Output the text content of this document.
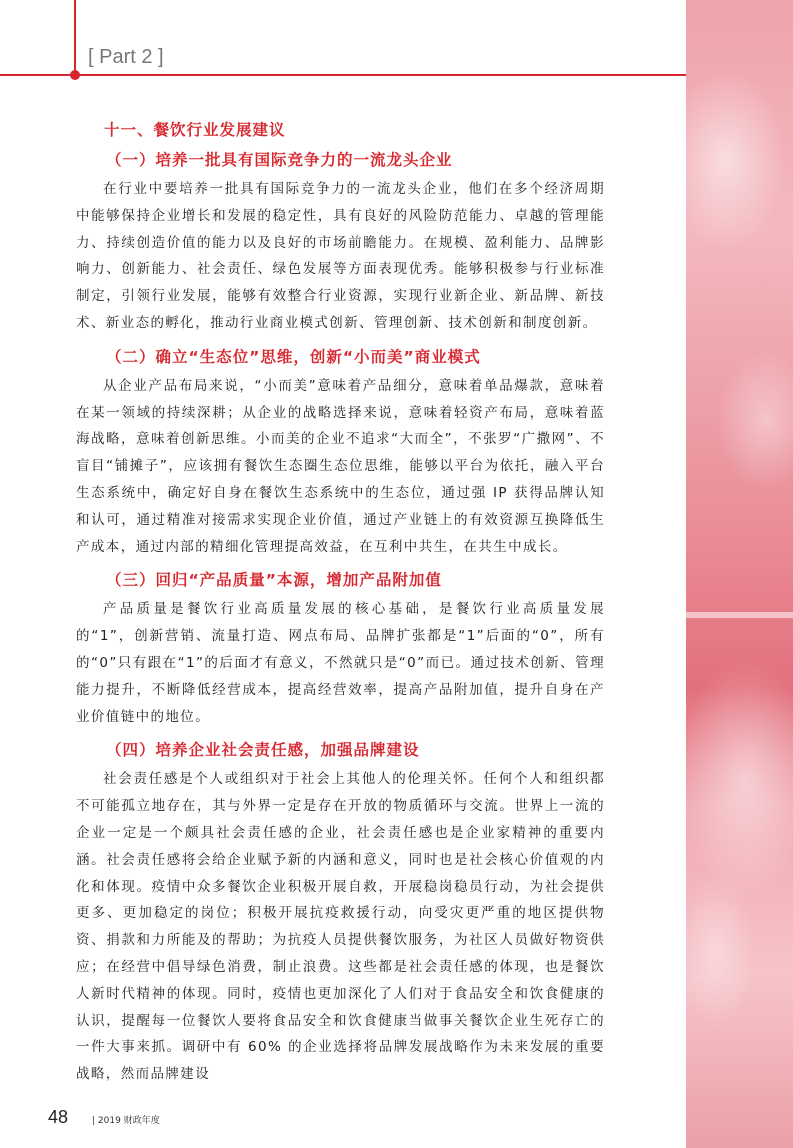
[ Part 2 ]
十一、餐饮行业发展建议
（一）培养一批具有国际竞争力的一流龙头企业

在行业中要培养一批具有国际竞争力的一流龙头企业，他们在多个经济周期中能够保持企业增长和发展的稳定性，具有良好的风险防范能力、卓越的管理能力、持续创造价值的能力以及良好的市场前瞻能力。在规模、盈利能力、品牌影响力、创新能力、社会责任、绿色发展等方面表现优秀。能够积极参与行业标准制定，引领行业发展，能够有效整合行业资源，实现行业新企业、新品牌、新技术、新业态的孵化，推动行业商业模式创新、管理创新、技术创新和制度创新。

（二）确立“生态位”思维，创新“小而美”商业模式

从企业产品布局来说，“小而美”意味着产品细分，意味着单品爆款，意味着在某一领域的持续深耕；从企业的战略选择来说，意味着轻资产布局，意味着蓝海战略，意味着创新思维。小而美的企业不追求“大而全”，不张罗“广撒网”、不盲目“铺摊子”，应该拥有餐饮生态圈生态位思维，能够以平台为依托，融入平台生态系统中，确定好自身在餐饮生态系统中的生态位，通过强 IP 获得品牌认知和认可，通过精准对接需求实现企业价值，通过产业链上的有效资源互换降低生产成本，通过内部的精细化管理提高效益，在互利中共生，在共生中成长。

（三）回归“产品质量”本源，增加产品附加值

产品质量是餐饮行业高质量发展的核心基础，是餐饮行业高质量发展的“1”，创新营销、流量打造、网点布局、品牌扩张都是“1”后面的“0”，所有的“0”只有跟在“1”的后面才有意义，不然就只是“0”而已。通过技术创新、管理能力提升，不断降低经营成本，提高经营效率，提高产品附加值，提升自身在产业价值链中的地位。

（四）培养企业社会责任感，加强品牌建设

社会责任感是个人或组织对于社会上其他人的伦理关怀。任何个人和组织都不可能孤立地存在，其与外界一定是存在开放的物质循环与交流。世界上一流的企业一定是一个颇具社会责任感的企业，社会责任感也是企业家精神的重要内涵。社会责任感将会给企业赋予新的内涵和意义，同时也是社会核心价值观的内化和体现。疫情中众多餐饮企业积极开展自救，开展稳岗稳员行动，为社会提供更多、更加稳定的岗位；积极开展抗疫救援行动，向受灾更严重的地区提供物资、捐款和力所能及的帮助；为抗疫人员提供餐饮服务，为社区人员做好物资供应；在经营中倡导绿色消费，制止浪费。这些都是社会责任感的体现，也是餐饮人新时代精神的体现。同时，疫情也更加深化了人们对于食品安全和饮食健康的认识，提醒每一位餐饮人要将食品安全和饮食健康当做事关餐饮企业生死存亡的一件大事来抓。调研中有 60% 的企业选择将品牌发展战略作为未来发展的重要战略，然而品牌建设

48	| 2019 财政年度
